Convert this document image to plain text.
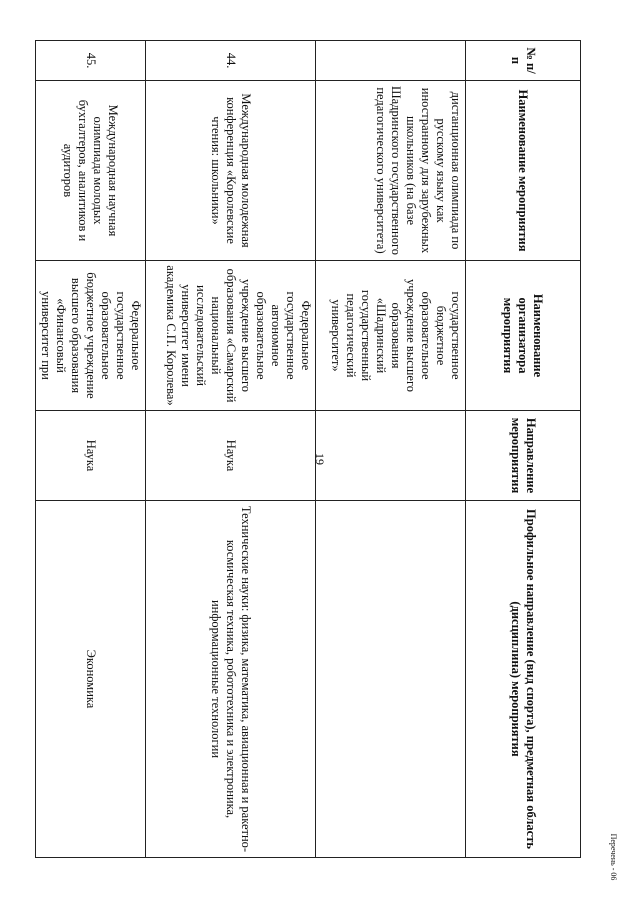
19
№ п/п	Наименование мероприятия	Наименование организатора мероприятия	Направление мероприятия	Профильное направление (вид спорта), предметная область (дисциплина) мероприятия
	дистанционная олимпиада по русскому языку как иностранному для зарубежных школьников (на базе Шадринского государственного педагогического университета)	государственное бюджетное образовательное учреждение высшего образования «Шадринский государственный педагогический университет»		
44.	Международная молодежная конференция «Королевские чтения: школьники»	Федеральное государственное автономное образовательное учреждение высшего образования «Самарский национальный исследовательский университет имени академика С.П. Королева»	Наука	Технические науки: физика, математика, авиационная и ракетно-космическая техника, робототехника и электроника, информационные технологии
45.	Международная научная олимпиада молодых бухгалтеров, аналитиков и аудиторов	Федеральное государственное образовательное бюджетное учреждение высшего образования «Финансовый университет при	Наука	Экономика
Перечень - 06
